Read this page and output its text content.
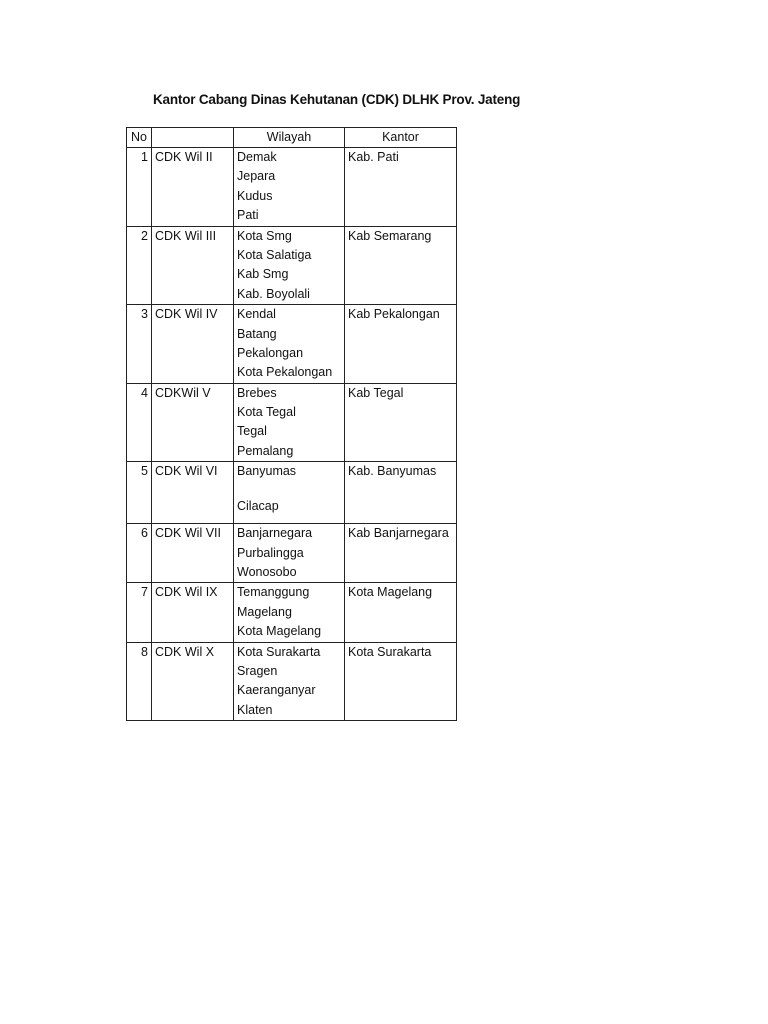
Kantor Cabang Dinas Kehutanan (CDK) DLHK Prov. Jateng
No		Wilayah	Kantor
1	CDK Wil II	Demak
Jepara
Kudus
Pati	Kab. Pati
2	CDK Wil III	Kota Smg
Kota Salatiga
Kab Smg
Kab. Boyolali	Kab Semarang
3	CDK Wil IV	Kendal
Batang
Pekalongan
Kota Pekalongan	Kab Pekalongan
4	CDKWil V	Brebes
Kota Tegal
Tegal
Pemalang	Kab Tegal
5	CDK Wil VI	Banyumas
Cilacap	Kab. Banyumas
6	CDK Wil VII	Banjarnegara
Purbalingga
Wonosobo	Kab Banjarnegara
7	CDK Wil IX	Temanggung
Magelang
Kota Magelang	Kota Magelang
8	CDK Wil X	Kota Surakarta
Sragen
Kaeranganyar
Klaten	Kota Surakarta
